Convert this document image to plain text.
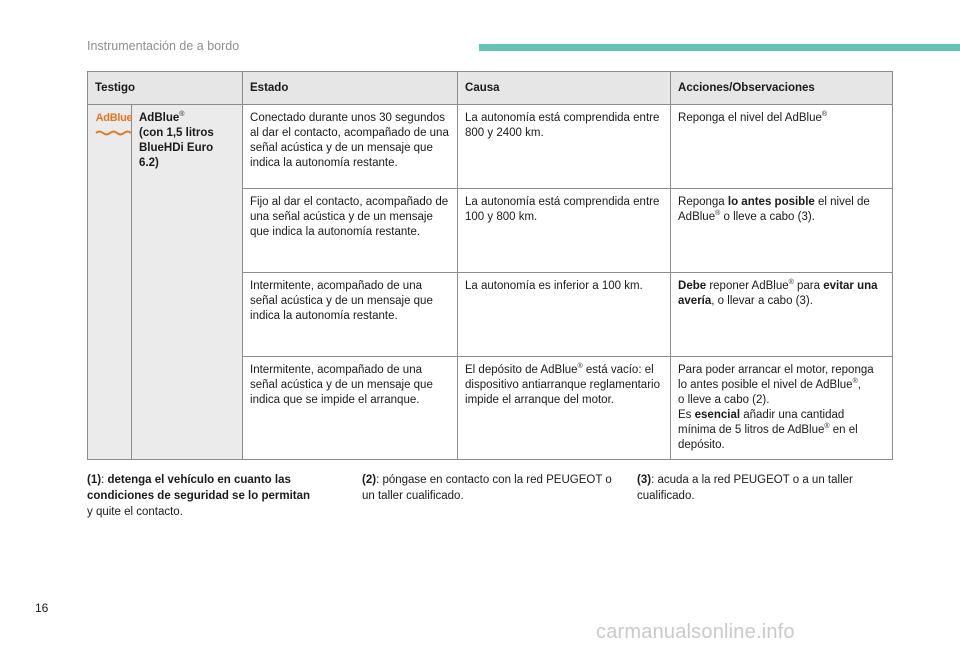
Instrumentación de a bordo
Testigo		Estado	Causa	Acciones/Observaciones

AdBlue	AdBlue®
(con 1,5 litros
BlueHDi Euro 6.2)	Conectado durante unos 30 segundos al dar el contacto, acompañado de una señal acústica y de un mensaje que indica la autonomía restante.	La autonomía está comprendida entre 800 y 2400 km.	Reponga el nivel del AdBlue®
		Fijo al dar el contacto, acompañado de una señal acústica y de un mensaje que indica la autonomía restante.	La autonomía está comprendida entre 100 y 800 km.	Reponga lo antes posible el nivel de AdBlue® o lleve a cabo (3).
		Intermitente, acompañado de una señal acústica y de un mensaje que indica la autonomía restante.	La autonomía es inferior a 100 km.	Debe reponer AdBlue® para evitar una avería, o llevar a cabo (3).
		Intermitente, acompañado de una señal acústica y de un mensaje que indica que se impide el arranque.	El depósito de AdBlue® está vacío: el dispositivo antiarranque reglamentario impide el arranque del motor.	Para poder arrancar el motor, reponga lo antes posible el nivel de AdBlue®,
o lleve a cabo (2).
Es esencial añadir una cantidad mínima de 5 litros de AdBlue® en el depósito.
(1): detenga el vehículo en cuanto las condiciones de seguridad se lo permitan
y quite el contacto.
(2): póngase en contacto con la red PEUGEOT o un taller cualificado.
(3): acuda a la red PEUGEOT o a un taller cualificado.
16
carmanualsonline.info
